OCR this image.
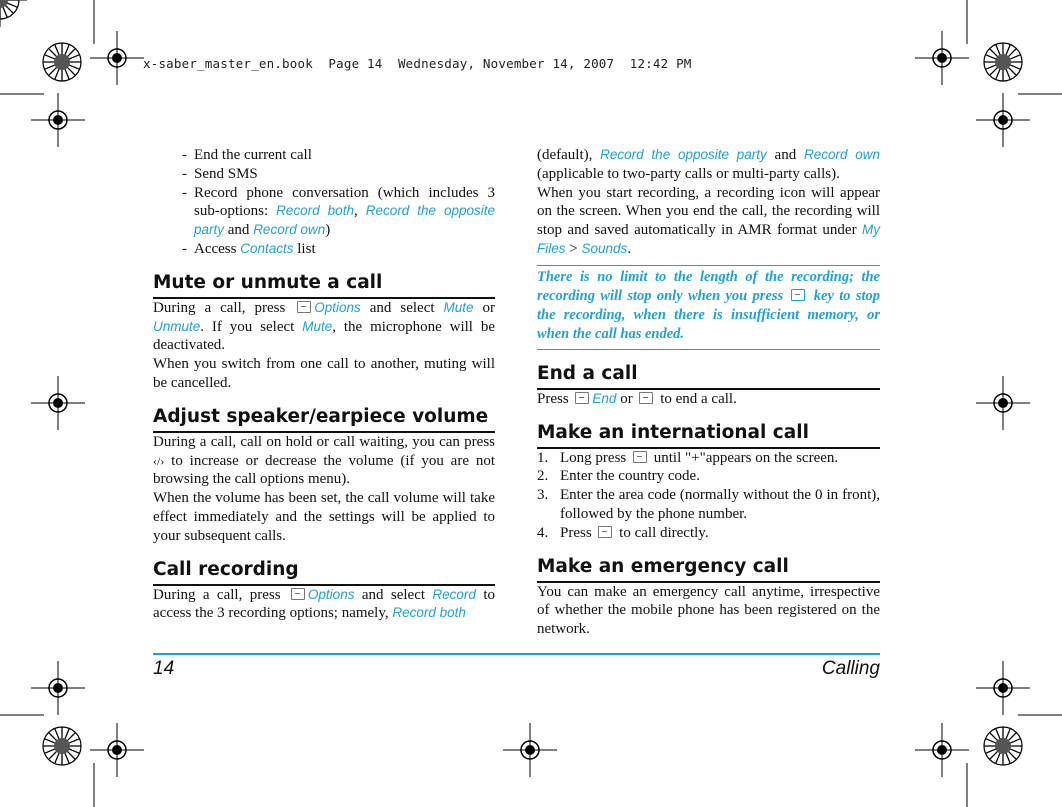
x-saber_master_en.book  Page 14  Wednesday, November 14, 2007  12:42 PM
- End the current call
- Send SMS
- Record phone conversation (which includes 3 sub-options: Record both, Record the opposite party and Record own)
- Access Contacts list
Mute or unmute a call

During a call, press Options and select Mute or Unmute. If you select Mute, the microphone will be deactivated.

When you switch from one call to another, muting will be cancelled.

Adjust speaker/earpiece volume

During a call, call on hold or call waiting, you can press ‹/› to increase or decrease the volume (if you are not browsing the call options menu).

When the volume has been set, the call volume will take effect immediately and the settings will be applied to your subsequent calls.

Call recording

During a call, press Options and select Record to access the 3 recording options; namely, Record both

(default), Record the opposite party and Record own (applicable to two-party calls or multi-party calls).

When you start recording, a recording icon will appear on the screen. When you end the call, the recording will stop and saved automatically in AMR format under My Files > Sounds.

There is no limit to the length of the recording; the recording will stop only when you press  key to stop the recording, when there is insufficient memory, or when the call has ended.

End a call

Press End or  to end a call.

Make an international call
1. Long press  until "+"appears on the screen.
2. Enter the country code.
3. Enter the area code (normally without the 0 in front), followed by the phone number.
4. Press  to call directly.
Make an emergency call

You can make an emergency call anytime, irrespective of whether the mobile phone has been registered on the network.

14	Calling
